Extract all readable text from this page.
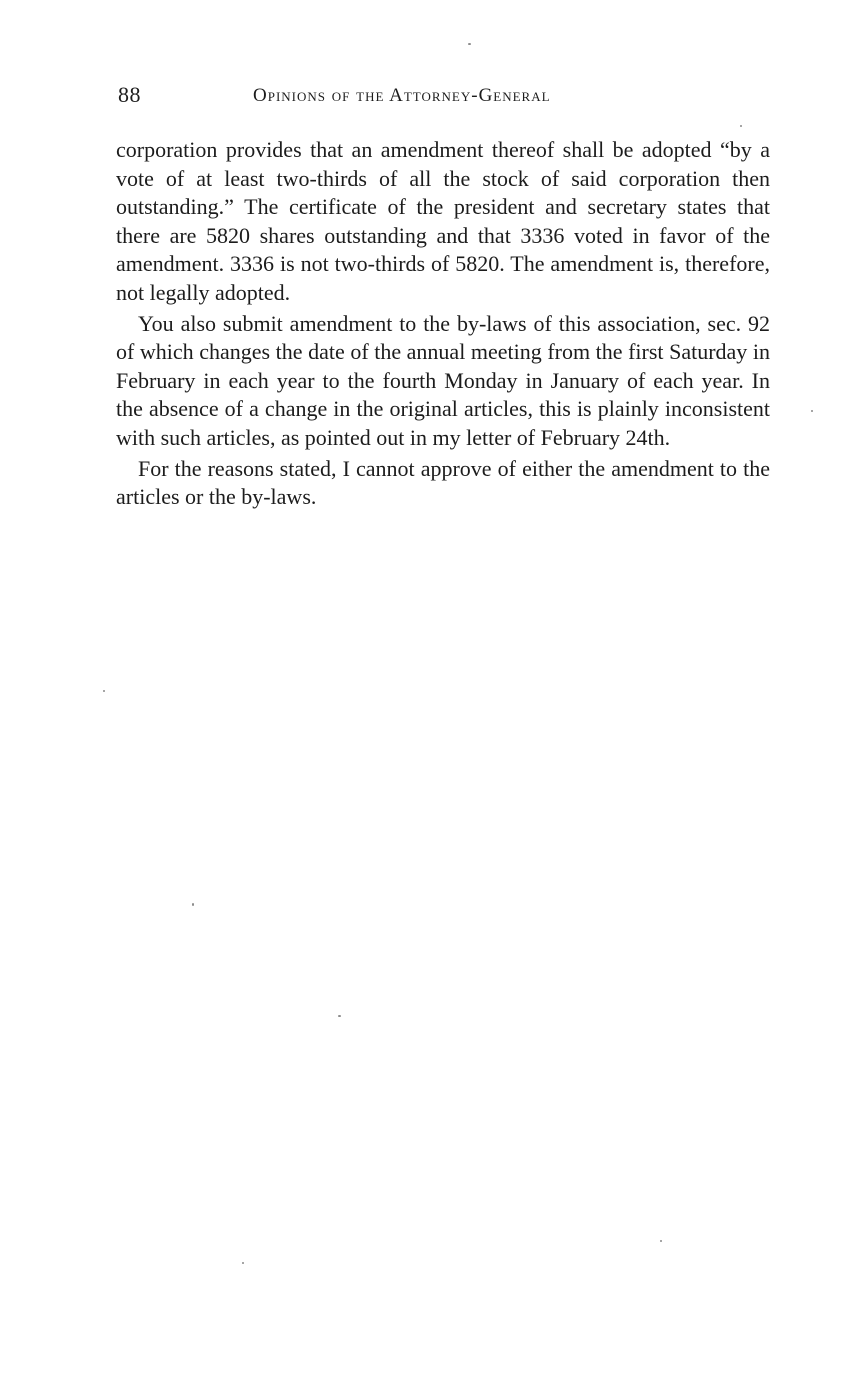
88	Opinions of the Attorney-General

corporation provides that an amendment thereof shall be adopted “by a vote of at least two-thirds of all the stock of said corporation then outstanding.” The certificate of the president and secretary states that there are 5820 shares outstanding and that 3336 voted in favor of the amendment. 3336 is not two-thirds of 5820. The amendment is, therefore, not legally adopted.

You also submit amendment to the by-laws of this association, sec. 92 of which changes the date of the annual meeting from the first Saturday in February in each year to the fourth Monday in January of each year. In the absence of a change in the original articles, this is plainly inconsistent with such articles, as pointed out in my letter of February 24th.

For the reasons stated, I cannot approve of either the amendment to the articles or the by-laws.
